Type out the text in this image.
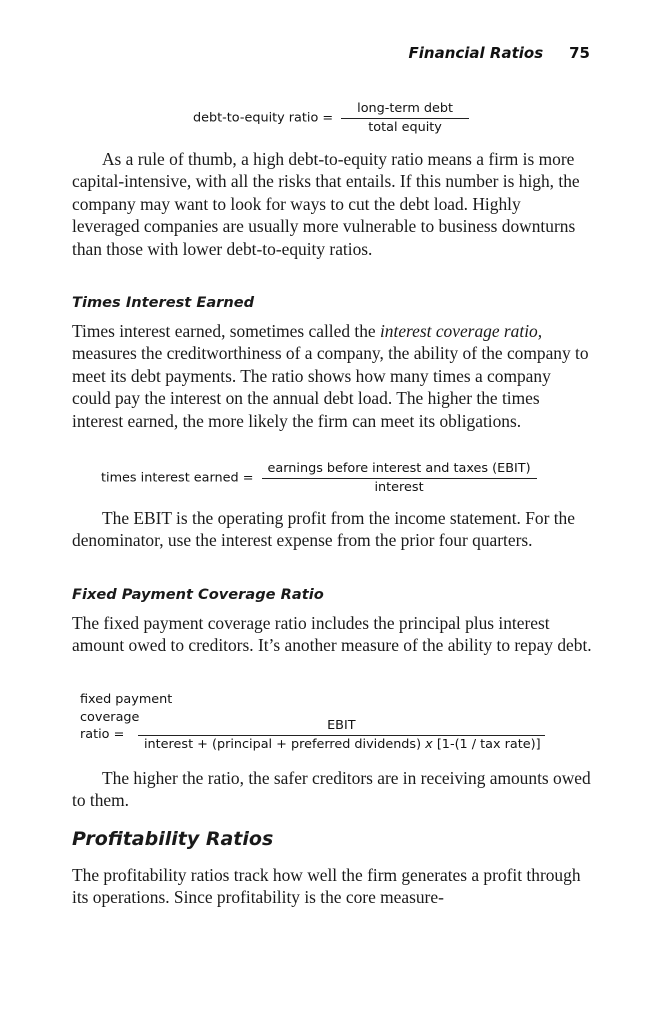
Financial Ratios 75
debt-to-equity ratio = $\frac{\text{long-term debt}}{\text{total equity}}$

As a rule of thumb, a high debt-to-equity ratio means a firm is more capital-intensive, with all the risks that entails. If this number is high, the company may want to look for ways to cut the debt load. Highly leveraged companies are usually more vulnerable to business downturns than those with lower debt-to-equity ratios.

Times Interest Earned

Times interest earned, sometimes called the interest coverage ratio, measures the creditworthiness of a company, the ability of the company to meet its debt payments. The ratio shows how many times a company could pay the interest on the annual debt load. The higher the times interest earned, the more likely the firm can meet its obligations.

times interest earned = $\frac{\text{earnings before interest and taxes (EBIT)}}{\text{interest}}$

The EBIT is the operating profit from the income statement. For the denominator, use the interest expense from the prior four quarters.

Fixed Payment Coverage Ratio

The fixed payment coverage ratio includes the principal plus interest amount owed to creditors. It’s another measure of the ability to repay debt.

fixed payment
coverage
ratio =
EBIT
interest + (principal + preferred dividends) x [1-(1 / tax rate)]

The higher the ratio, the safer creditors are in receiving amounts owed to them.

Profitability Ratios

The profitability ratios track how well the firm generates a profit through its operations. Since profitability is the core measure-
